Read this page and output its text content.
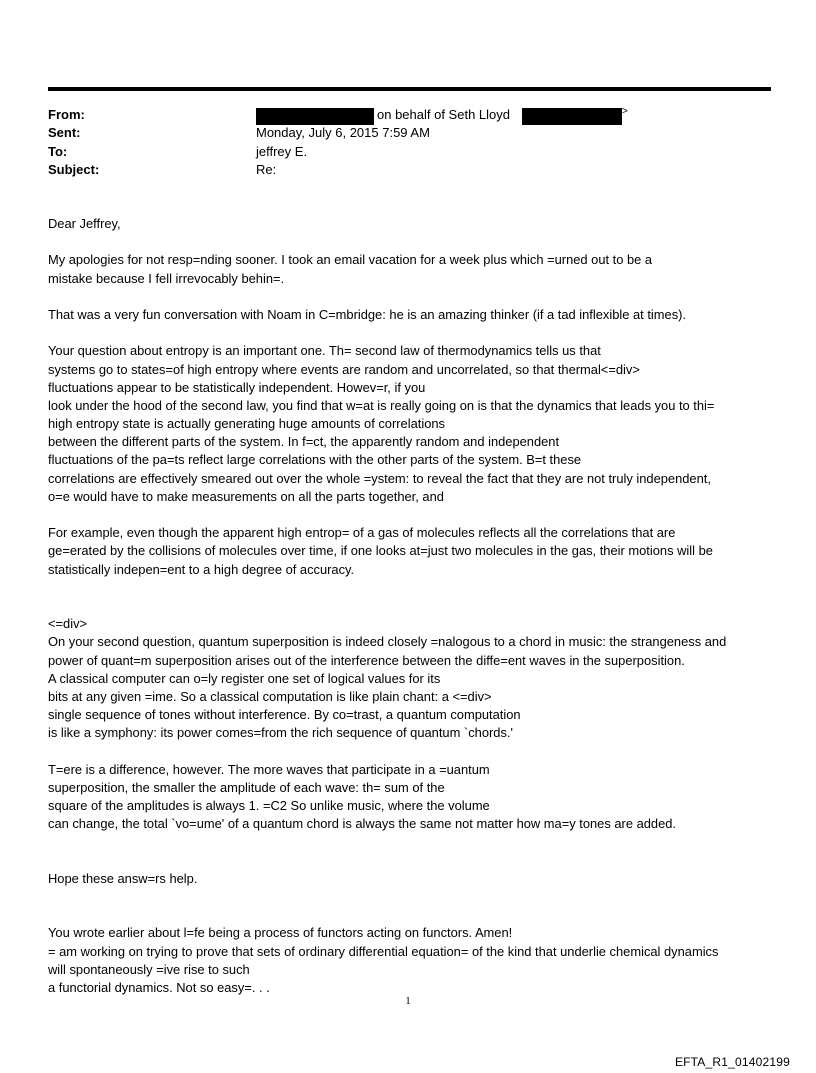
From:	on behalf of Seth Lloyd	>
Sent:	Monday, July 6, 2015 7:59 AM
To:	jeffrey E.
Subject:	Re:
Dear Jeffrey,
My apologies for not resp=nding sooner. I took an email vacation for a week plus which =urned out to be a
mistake because I fell irrevocably behin=.
That was a very fun conversation with Noam in C=mbridge: he is an amazing thinker (if a tad inflexible at times).
Your question about entropy is an important one. Th= second law of thermodynamics tells us that
systems go to states=of high entropy where events are random and uncorrelated, so that thermal<=div>
fluctuations appear to be statistically independent. Howev=r, if you
look under the hood of the second law, you find that w=at is really going on is that the dynamics that leads you to thi=
high entropy state is actually generating huge amounts of correlations
between the different parts of the system. In f=ct, the apparently random and independent
fluctuations of the pa=ts reflect large correlations with the other parts of the system. B=t these
correlations are effectively smeared out over the whole =ystem: to reveal the fact that they are not truly independent,
o=e would have to make measurements on all the parts together, and
For example, even though the apparent high entrop= of a gas of molecules reflects all the correlations that are
ge=erated by the collisions of molecules over time, if one looks at=just two molecules in the gas, their motions will be
statistically indepen=ent to a high degree of accuracy.
<=div>
On your second question, quantum superposition is indeed closely =nalogous to a chord in music: the strangeness and
power of quant=m superposition arises out of the interference between the diffe=ent waves in the superposition.
A classical computer can o=ly register one set of logical values for its
bits at any given =ime. So a classical computation is like plain chant: a <=div>
single sequence of tones without interference. By co=trast, a quantum computation
is like a symphony: its power comes=from the rich sequence of quantum `chords.'
T=ere is a difference, however. The more waves that participate in a =uantum
superposition, the smaller the amplitude of each wave: th= sum of the
square of the amplitudes is always 1. =C2 So unlike music, where the volume
can change, the total `vo=ume' of a quantum chord is always the same not matter how ma=y tones are added.
Hope these answ=rs help.
You wrote earlier about l=fe being a process of functors acting on functors. Amen!
= am working on trying to prove that sets of ordinary differential equation= of the kind that underlie chemical dynamics
will spontaneously =ive rise to such
a functorial dynamics. Not so easy=. . .
1
EFTA_R1_01402199
